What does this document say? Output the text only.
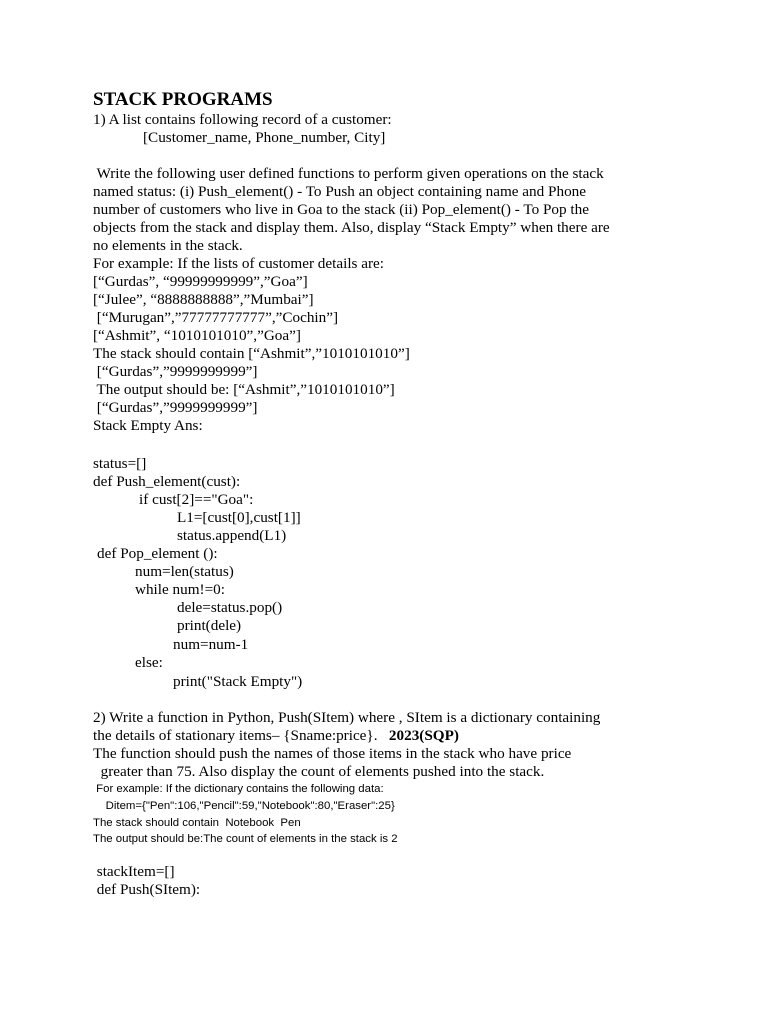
STACK PROGRAMS
1) A list contains following record of a customer:
[Customer_name, Phone_number, City]
Write the following user defined functions to perform given operations on the stack
named status: (i) Push_element() - To Push an object containing name and Phone
number of customers who live in Goa to the stack (ii) Pop_element() - To Pop the
objects from the stack and display them. Also, display “Stack Empty” when there are
no elements in the stack.
For example: If the lists of customer details are:
[“Gurdas”, “99999999999”,”Goa”]
[“Julee”, “8888888888”,”Mumbai”]
[“Murugan”,”77777777777”,”Cochin”]
[“Ashmit”, “1010101010”,”Goa”]
The stack should contain [“Ashmit”,”1010101010”]
[“Gurdas”,”9999999999”]
The output should be: [“Ashmit”,”1010101010”]
[“Gurdas”,”9999999999”]
Stack Empty Ans:
status=[]
def Push_element(cust):
if cust[2]=="Goa":
L1=[cust[0],cust[1]]
status.append(L1)
def Pop_element ():
num=len(status)
while num!=0:
dele=status.pop()
print(dele)
num=num-1
else:
print("Stack Empty")
2) Write a function in Python, Push(SItem) where , SItem is a dictionary containing
the details of stationary items– {Sname:price}. 2023(SQP)
The function should push the names of those items in the stack who have price
greater than 75. Also display the count of elements pushed into the stack.
For example: If the dictionary contains the following data:
Ditem={"Pen":106,"Pencil":59,"Notebook":80,"Eraser":25}
The stack should contain  Notebook  Pen
The output should be:The count of elements in the stack is 2
stackItem=[]
def Push(SItem):
